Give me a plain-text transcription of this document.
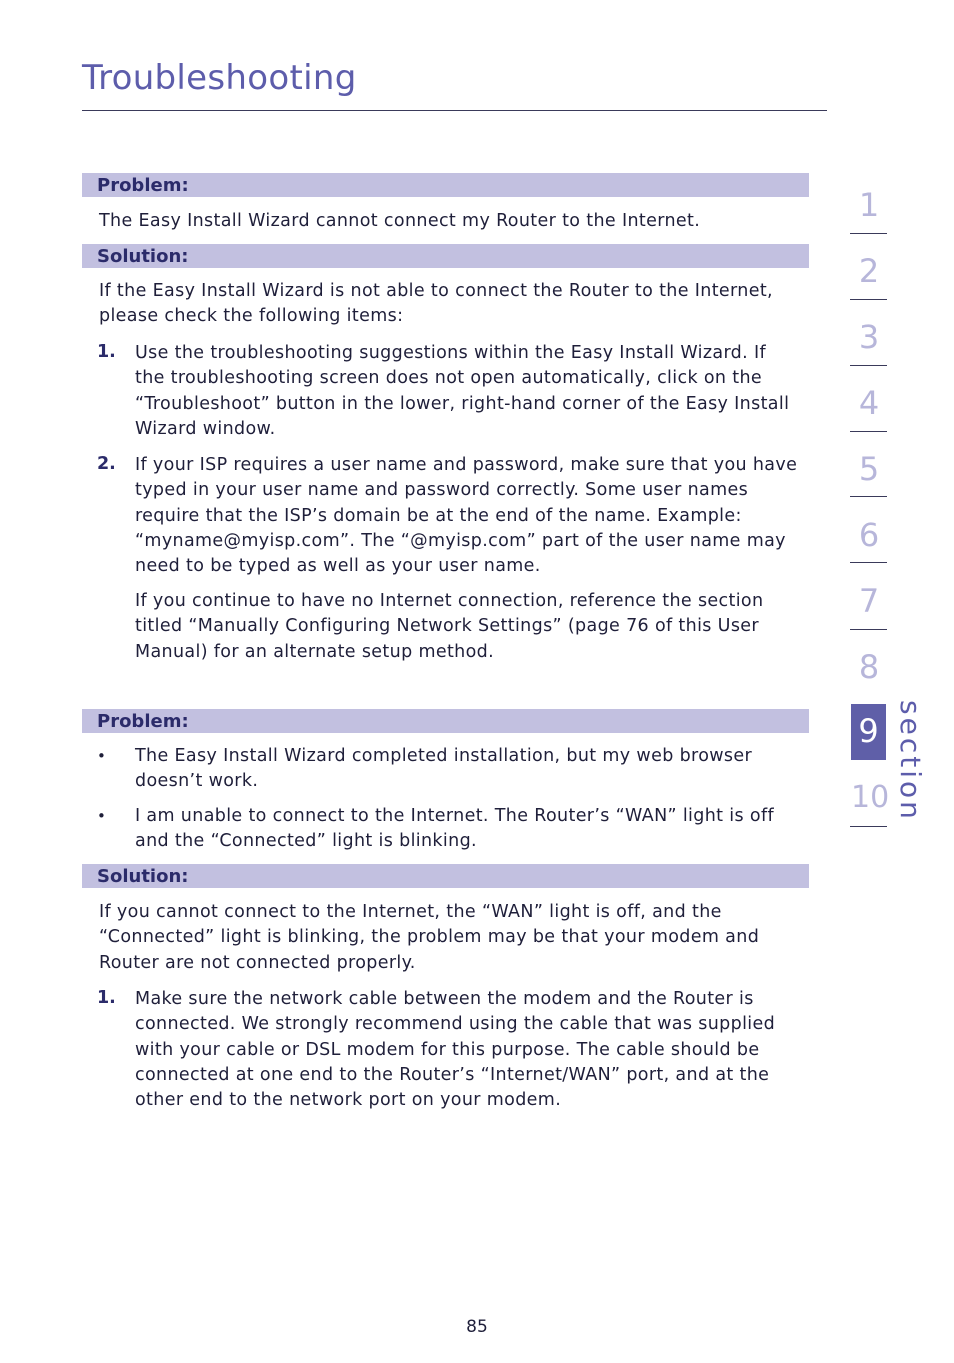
Troubleshooting
Problem:
The Easy Install Wizard cannot connect my Router to the Internet.
Solution:
If the Easy Install Wizard is not able to connect the Router to the Internet,
please check the following items:
1. Use the troubleshooting suggestions within the Easy Install Wizard. If
the troubleshooting screen does not open automatically, click on the
“Troubleshoot” button in the lower, right-hand corner of the Easy Install
Wizard window.
2. If your ISP requires a user name and password, make sure that you have
typed in your user name and password correctly. Some user names
require that the ISP’s domain be at the end of the name. Example:
“myname@myisp.com”. The “@myisp.com” part of the user name may
need to be typed as well as your user name.
If you continue to have no Internet connection, reference the section
titled “Manually Configuring Network Settings” (page 76 of this User
Manual) for an alternate setup method.
Problem:
• The Easy Install Wizard completed installation, but my web browser
doesn’t work.
• I am unable to connect to the Internet. The Router’s “WAN” light is off
and the “Connected” light is blinking.
Solution:
If you cannot connect to the Internet, the “WAN” light is off, and the
“Connected” light is blinking, the problem may be that your modem and
Router are not connected properly.
1. Make sure the network cable between the modem and the Router is
connected. We strongly recommend using the cable that was supplied
with your cable or DSL modem for this purpose. The cable should be
connected at one end to the Router’s “Internet/WAN” port, and at the
other end to the network port on your modem.
1
2
3
4
5
6
7
8
9
10 section
85
